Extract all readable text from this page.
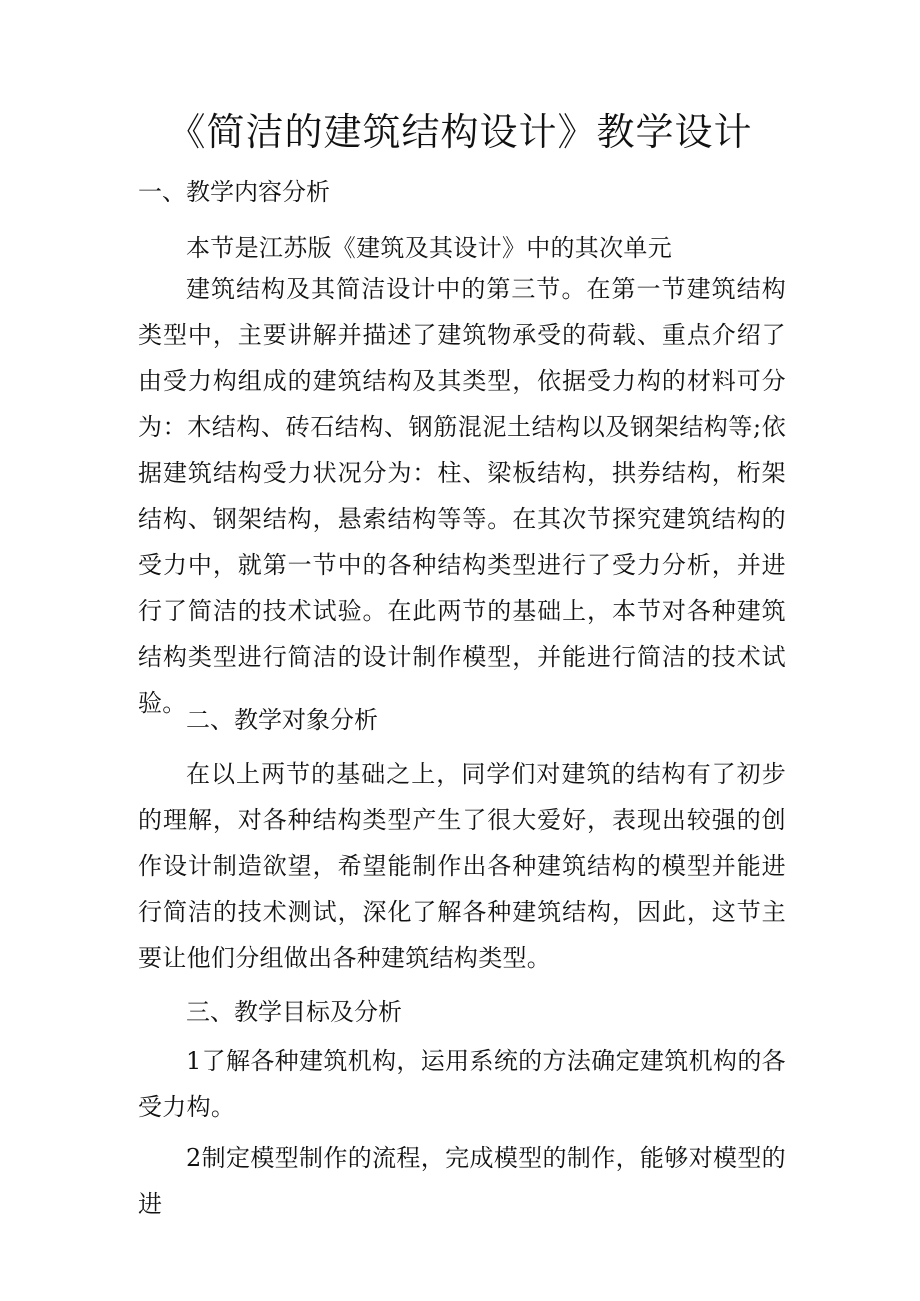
《简洁的建筑结构设计》教学设计
一、教学内容分析

本节是江苏版《建筑及其设计》中的其次单元

建筑结构及其简洁设计中的第三节。在第一节建筑结构类型中，主要讲解并描述了建筑物承受的荷载、重点介绍了由受力构组成的建筑结构及其类型，依据受力构的材料可分为：木结构、砖石结构、钢筋混泥土结构以及钢架结构等;依据建筑结构受力状况分为：柱、梁板结构，拱券结构，桁架结构、钢架结构，悬索结构等等。在其次节探究建筑结构的受力中，就第一节中的各种结构类型进行了受力分析，并进行了简洁的技术试验。在此两节的基础上，本节对各种建筑结构类型进行简洁的设计制作模型，并能进行简洁的技术试验。

二、教学对象分析

在以上两节的基础之上，同学们对建筑的结构有了初步的理解，对各种结构类型产生了很大爱好，表现出较强的创作设计制造欲望，希望能制作出各种建筑结构的模型并能进行简洁的技术测试，深化了解各种建筑结构，因此，这节主要让他们分组做出各种建筑结构类型。

三、教学目标及分析

1了解各种建筑机构，运用系统的方法确定建筑机构的各受力构。

2制定模型制作的流程，完成模型的制作，能够对模型的进
